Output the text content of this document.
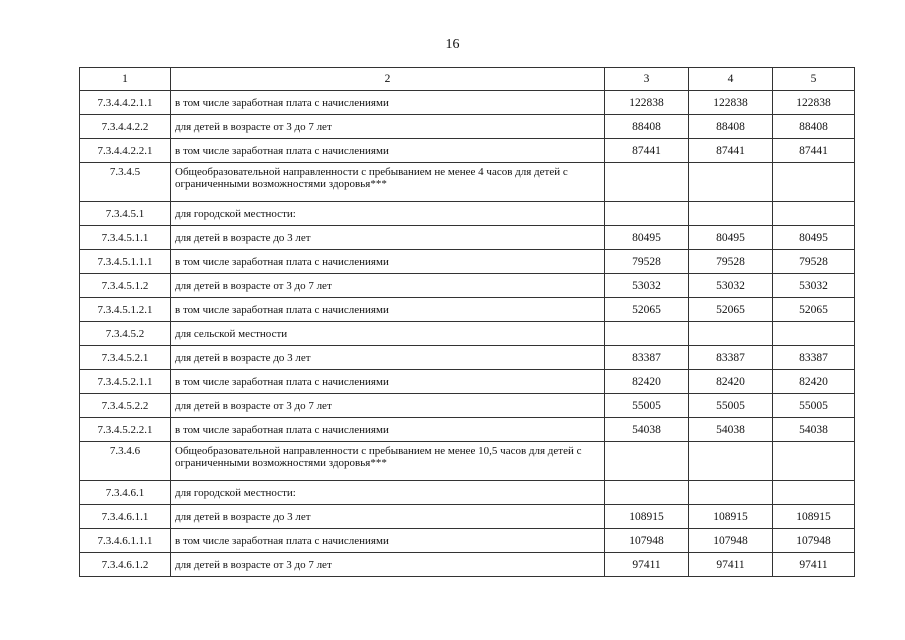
16
1	2	3	4	5
7.3.4.4.2.1.1	в том числе заработная плата с начислениями	122838	122838	122838
7.3.4.4.2.2	для детей в возрасте от 3 до 7 лет	88408	88408	88408
7.3.4.4.2.2.1	в том числе заработная плата с начислениями	87441	87441	87441
7.3.4.5	Общеобразовательной направленности с пребыванием не менее 4 часов для детей с ограниченными возможностями здоровья***			
7.3.4.5.1	для городской местности:			
7.3.4.5.1.1	для детей в возрасте до 3 лет	80495	80495	80495
7.3.4.5.1.1.1	в том числе заработная плата с начислениями	79528	79528	79528
7.3.4.5.1.2	для детей в возрасте от 3 до 7 лет	53032	53032	53032
7.3.4.5.1.2.1	в том числе заработная плата с начислениями	52065	52065	52065
7.3.4.5.2	для сельской местности			
7.3.4.5.2.1	для детей в возрасте до 3 лет	83387	83387	83387
7.3.4.5.2.1.1	в том числе заработная плата с начислениями	82420	82420	82420
7.3.4.5.2.2	для детей в возрасте от 3 до 7 лет	55005	55005	55005
7.3.4.5.2.2.1	в том числе заработная плата с начислениями	54038	54038	54038
7.3.4.6	Общеобразовательной направленности с пребыванием не менее 10,5 часов для детей с ограниченными возможностями здоровья***			
7.3.4.6.1	для городской местности:			
7.3.4.6.1.1	для детей в возрасте до 3 лет	108915	108915	108915
7.3.4.6.1.1.1	в том числе заработная плата с начислениями	107948	107948	107948
7.3.4.6.1.2	для детей в возрасте от 3 до 7 лет	97411	97411	97411
